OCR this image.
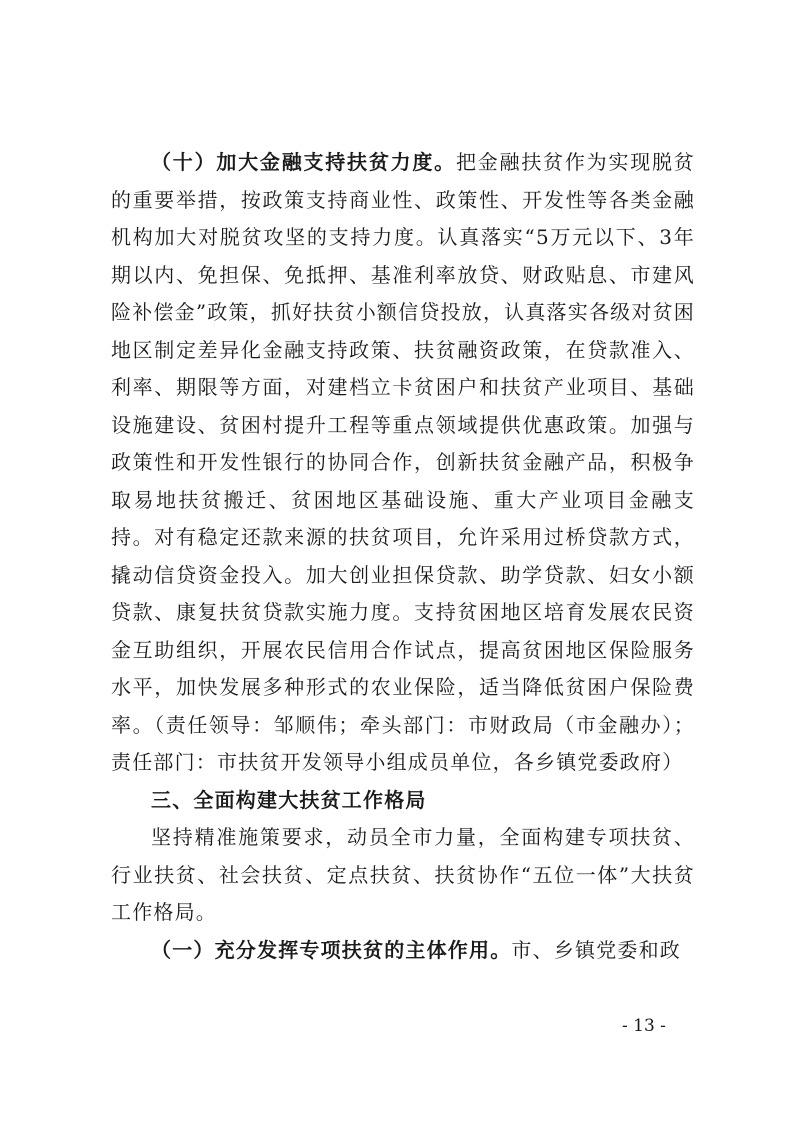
（十）加大金融支持扶贫力度。把金融扶贫作为实现脱贫的重要举措，按政策支持商业性、政策性、开发性等各类金融机构加大对脱贫攻坚的支持力度。认真落实“5万元以下、3年期以内、免担保、免抵押、基准利率放贷、财政贴息、市建风险补偿金”政策，抓好扶贫小额信贷投放，认真落实各级对贫困地区制定差异化金融支持政策、扶贫融资政策，在贷款准入、利率、期限等方面，对建档立卡贫困户和扶贫产业项目、基础设施建设、贫困村提升工程等重点领域提供优惠政策。加强与政策性和开发性银行的协同合作，创新扶贫金融产品，积极争取易地扶贫搬迁、贫困地区基础设施、重大产业项目金融支持。对有稳定还款来源的扶贫项目，允许采用过桥贷款方式，撬动信贷资金投入。加大创业担保贷款、助学贷款、妇女小额贷款、康复扶贫贷款实施力度。支持贫困地区培育发展农民资金互助组织，开展农民信用合作试点，提高贫困地区保险服务水平，加快发展多种形式的农业保险，适当降低贫困户保险费率。（责任领导：邹顺伟；牵头部门：市财政局（市金融办）；责任部门：市扶贫开发领导小组成员单位，各乡镇党委政府）

三、全面构建大扶贫工作格局

坚持精准施策要求，动员全市力量，全面构建专项扶贫、行业扶贫、社会扶贫、定点扶贫、扶贫协作“五位一体”大扶贫工作格局。

（一）充分发挥专项扶贫的主体作用。市、乡镇党委和政

- 13 -
